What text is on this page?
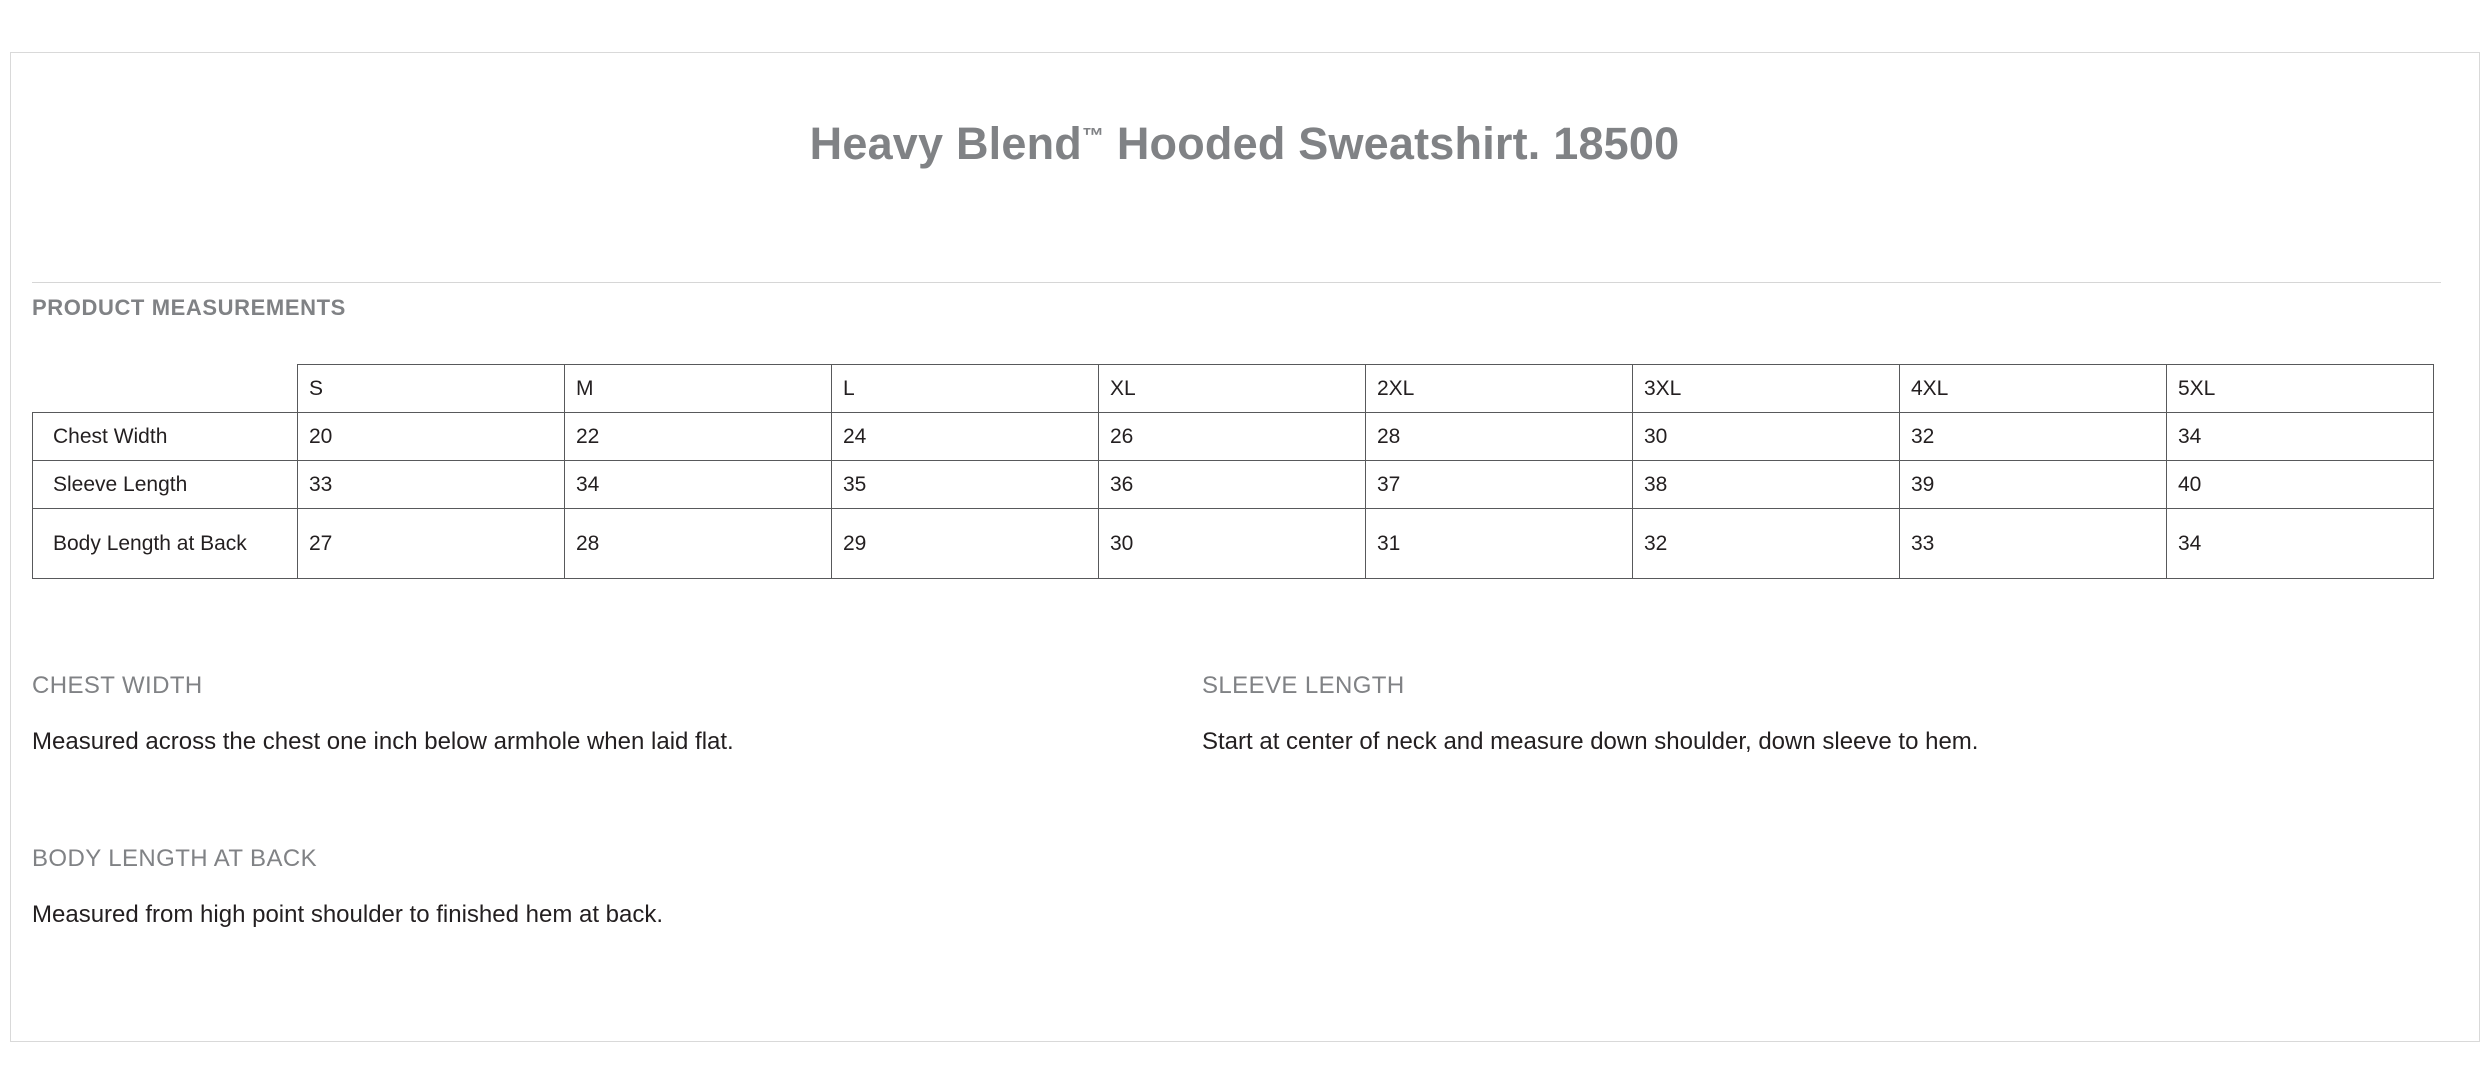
Heavy Blend™ Hooded Sweatshirt. 18500
PRODUCT MEASUREMENTS
	S	M	L	XL	2XL	3XL	4XL	5XL
Chest Width	20	22	24	26	28	30	32	34
Sleeve Length	33	34	35	36	37	38	39	40
Body Length at Back	27	28	29	30	31	32	33	34
CHEST WIDTH
Measured across the chest one inch below armhole when laid flat.
SLEEVE LENGTH
Start at center of neck and measure down shoulder, down sleeve to hem.
BODY LENGTH AT BACK
Measured from high point shoulder to finished hem at back.
